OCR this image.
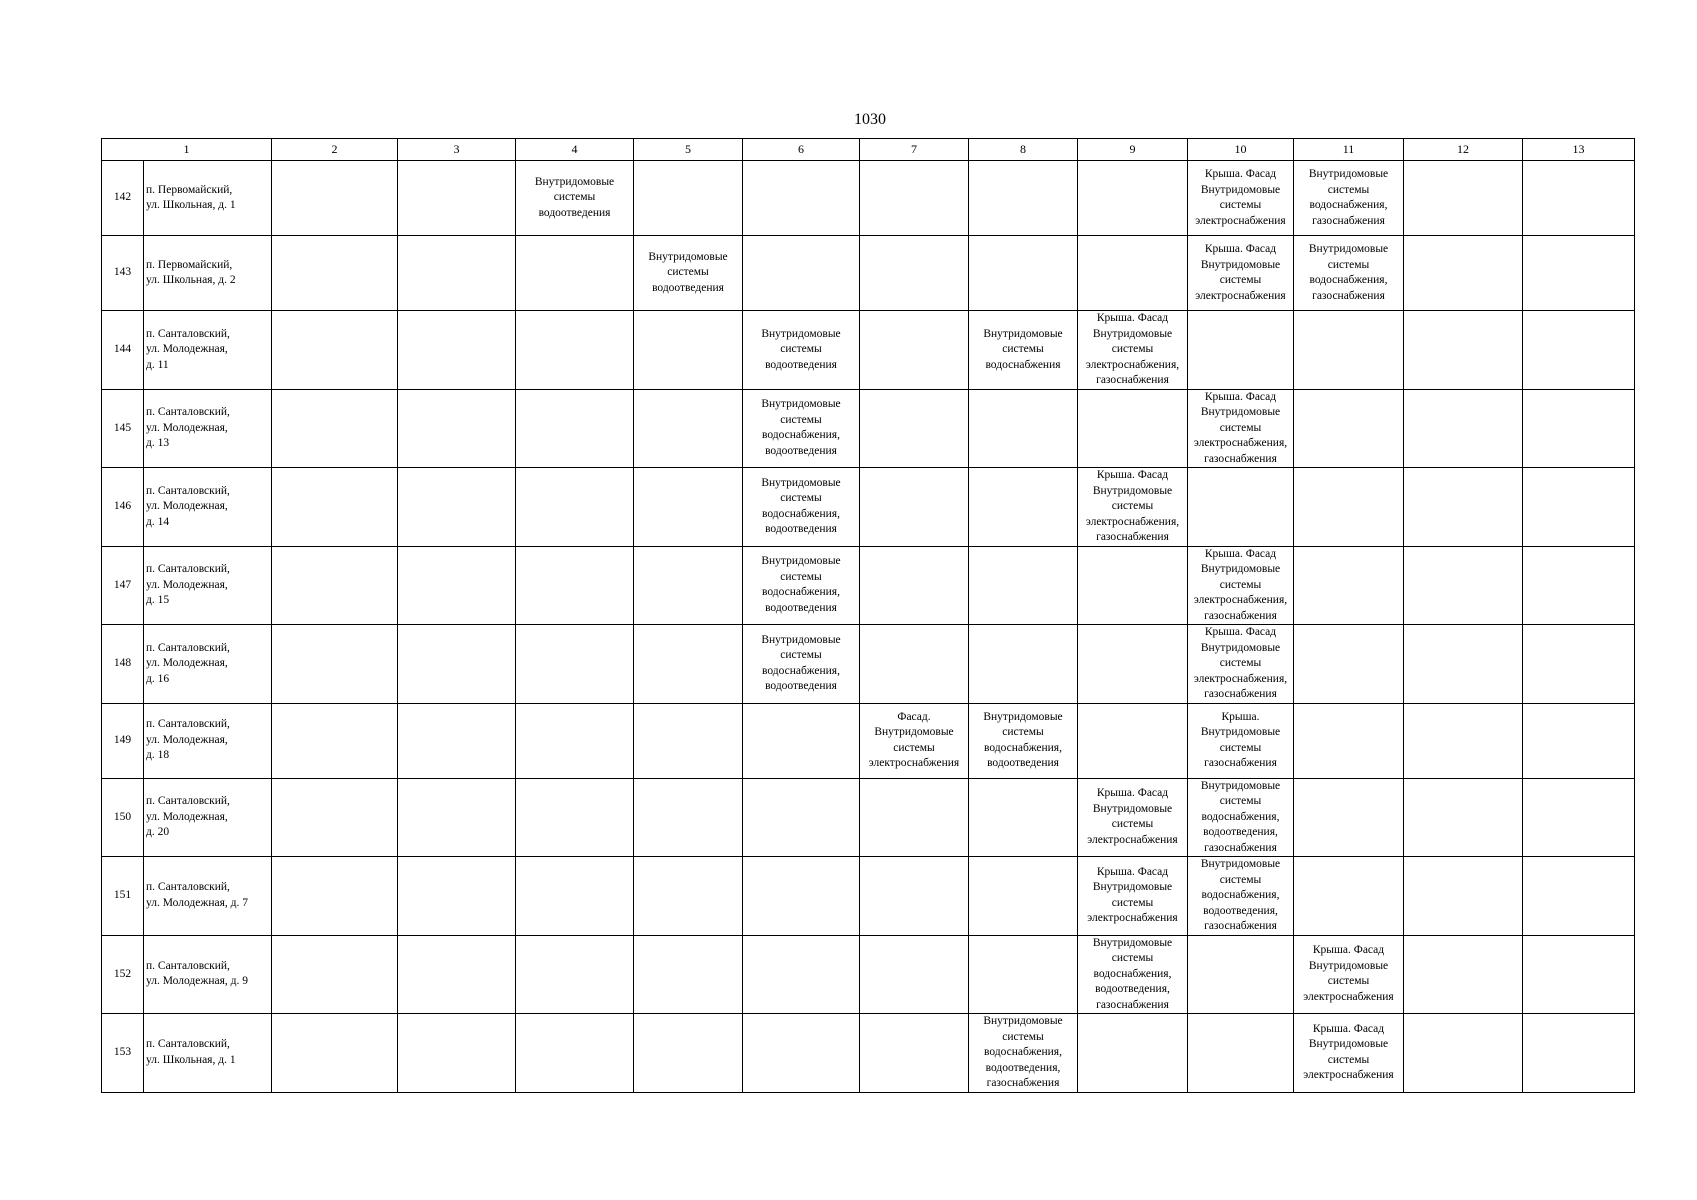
1030
1		2	3	4	5	6	7	8	9	10	11	12	13
142	п. Первомайский,
ул. Школьная, д. 1			Внутридомовые
системы
водоотведения						Крыша. Фасад
Внутридомовые
системы
электроснабжения	Внутридомовые
системы
водоснабжения,
газоснабжения		
143	п. Первомайский,
ул. Школьная, д. 2				Внутридомовые
системы
водоотведения					Крыша. Фасад
Внутридомовые
системы
электроснабжения	Внутридомовые
системы
водоснабжения,
газоснабжения		
144	п. Санталовский,
ул. Молодежная,
д. 11					Внутридомовые
системы
водоотведения		Внутридомовые
системы
водоснабжения	Крыша. Фасад
Внутридомовые
системы
электроснабжения,
газоснабжения				
145	п. Санталовский,
ул. Молодежная,
д. 13					Внутридомовые
системы
водоснабжения,
водоотведения				Крыша. Фасад
Внутридомовые
системы
электроснабжения,
газоснабжения			
146	п. Санталовский,
ул. Молодежная,
д. 14					Внутридомовые
системы
водоснабжения,
водоотведения			Крыша. Фасад
Внутридомовые
системы
электроснабжения,
газоснабжения				
147	п. Санталовский,
ул. Молодежная,
д. 15					Внутридомовые
системы
водоснабжения,
водоотведения				Крыша. Фасад
Внутридомовые
системы
электроснабжения,
газоснабжения			
148	п. Санталовский,
ул. Молодежная,
д. 16					Внутридомовые
системы
водоснабжения,
водоотведения				Крыша. Фасад
Внутридомовые
системы
электроснабжения,
газоснабжения			
149	п. Санталовский,
ул. Молодежная,
д. 18						Фасад.
Внутридомовые
системы
электроснабжения	Внутридомовые
системы
водоснабжения,
водоотведения		Крыша.
Внутридомовые
системы
газоснабжения			
150	п. Санталовский,
ул. Молодежная,
д. 20								Крыша. Фасад
Внутридомовые
системы
электроснабжения	Внутридомовые
системы
водоснабжения,
водоотведения,
газоснабжения			
151	п. Санталовский,
ул. Молодежная, д. 7								Крыша. Фасад
Внутридомовые
системы
электроснабжения	Внутридомовые
системы
водоснабжения,
водоотведения,
газоснабжения			
152	п. Санталовский,
ул. Молодежная, д. 9								Внутридомовые
системы
водоснабжения,
водоотведения,
газоснабжения		Крыша. Фасад
Внутридомовые
системы
электроснабжения		
153	п. Санталовский,
ул. Школьная, д. 1							Внутридомовые
системы
водоснабжения,
водоотведения,
газоснабжения			Крыша. Фасад
Внутридомовые
системы
электроснабжения		
